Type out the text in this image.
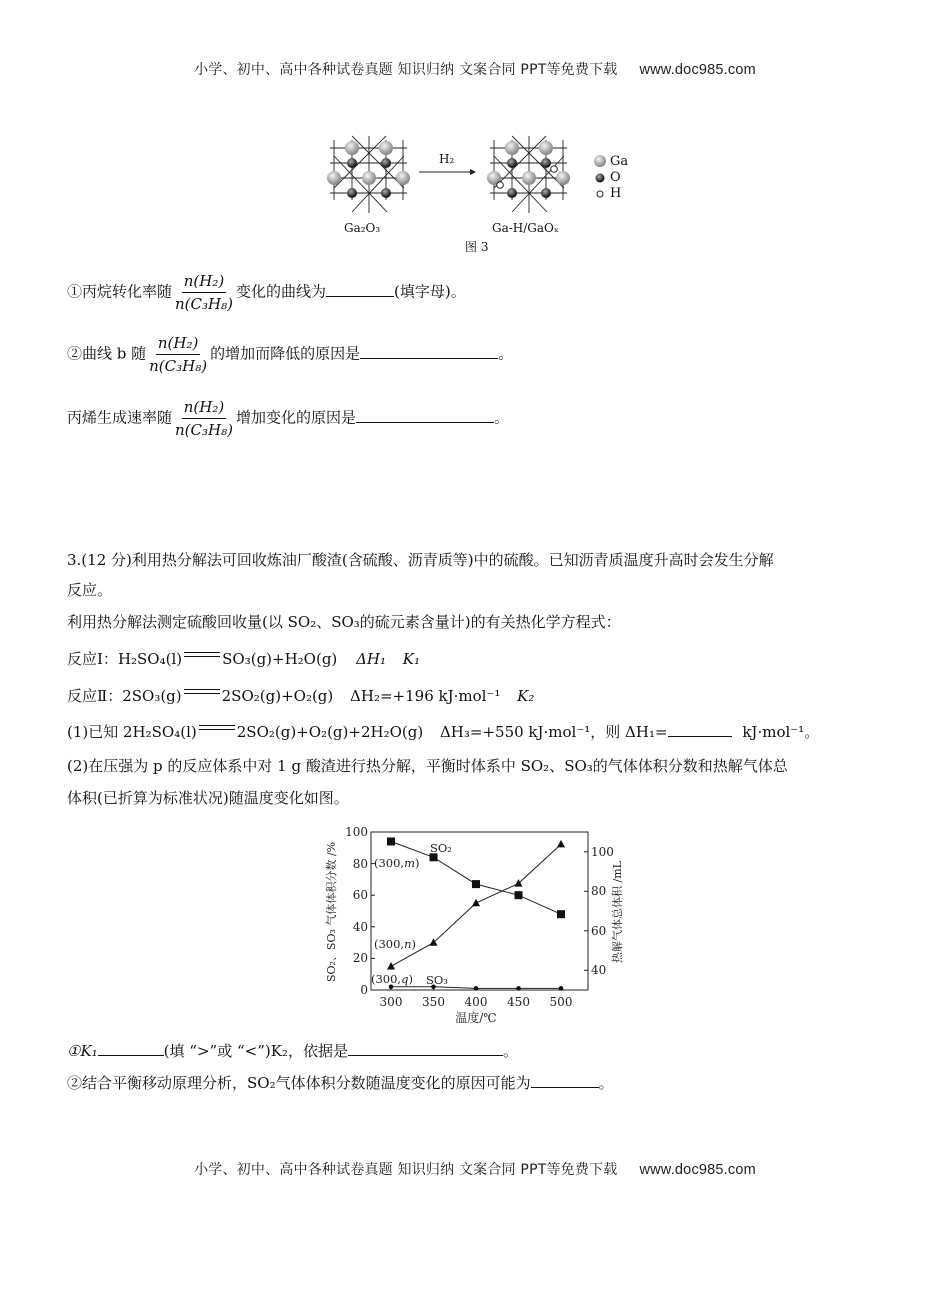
小学、初中、高中各种试卷真题 知识归纳 文案合同 PPT等免费下载 www.doc985.com
H₂	Ga
O
H
Ga₂O₃	Ga-H/GaOₓ
图 3
①丙烷转化率随 $\frac{\text{n(H₂)}}{\text{n(C₃H₈)}}$ 变化的曲线为	(填字母)。
②曲线 b 随 $\frac{\text{n(H₂)}}{\text{n(C₃H₈)}}$ 的增加而降低的原因是	。
丙烯生成速率随 $\frac{\text{n(H₂)}}{\text{n(C₃H₈)}}$ 增加变化的原因是	。
3.(12 分)利用热分解法可回收炼油厂酸渣(含硫酸、沥青质等)中的硫酸。已知沥青质温度升高时会发生分解
反应。
利用热分解法测定硫酸回收量(以 SO₂、SO₃的硫元素含量计)的有关热化学方程式：
反应Ⅰ：H₂SO₄(l)	SO₃(g)+H₂O(g) ΔH₁ K₁
反应Ⅱ：2SO₃(g)	2SO₂(g)+O₂(g) ΔH₂=+196 kJ·mol⁻¹ K₂
(1)已知 2H₂SO₄(l)	2SO₂(g)+O₂(g)+2H₂O(g) ΔH₃=+550 kJ·mol⁻¹，则 ΔH₁=	kJ·mol⁻¹。
(2)在压强为 p 的反应体系中对 1 g 酸渣进行热分解，平衡时体系中 SO₂、SO₃的气体体积分数和热解气体总
体积(已折算为标准状况)随温度变化如图。
0
20
40
60
80
100
40
60
80
100
300 350 400 450 500
温度/℃
SO₂、SO₃ 气体体积分数 /%	热解气体总体积 /mL
SO₂
(300,m)
(300,n)
(300,q) SO₃
①K₁	(填 “>”或 “<”)K₂，依据是	。
②结合平衡移动原理分析，SO₂气体体积分数随温度变化的原因可能为	。
小学、初中、高中各种试卷真题 知识归纳 文案合同 PPT等免费下载 www.doc985.com
